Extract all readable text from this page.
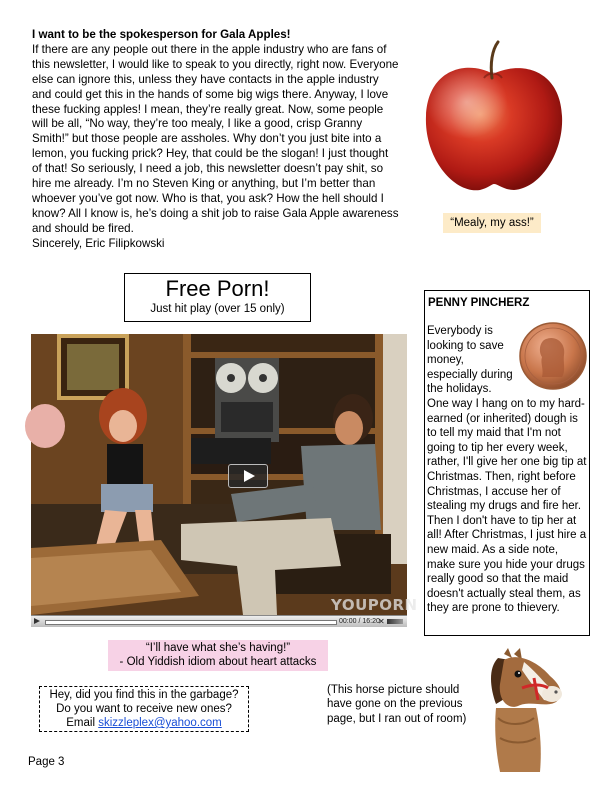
I want to be the spokesperson for Gala Apples!
If there are any people out there in the apple industry who are fans of this newsletter, I would like to speak to you directly, right now. Everyone else can ignore this, unless they have contacts in the apple industry and could get this in the hands of some big wigs there. Anyway, I love these fucking apples! I mean, they’re really great. Now, some people will be all, “No way, they’re too mealy, I like a good, crisp Granny Smith!” but those people are assholes. Why don’t you just bite into a lemon, you fucking prick? Hey, that could be the slogan! I just thought of that! So seriously, I need a job, this newsletter doesn’t pay shit, so hire me already. I’m no Steven King or anything, but I’m better than whoever you’ve got now. Who is that, you ask? How the hell should I know? All I know is, he’s doing a shit job to raise Gala Apple awareness and should be fired.
Sincerely, Eric Filipkowski
“Mealy, my ass!”
Free Porn!
Just hit play (over 15 only)
YOUPORN
00:00 / 16:20
✕
“I’ll have what she’s having!”
- Old Yiddish idiom about heart attacks
PENNY PINCHERZ
Everybody is looking to save money, especially during the holidays. One way I hang on to my hard-earned (or inherited) dough is to tell my maid that I'm not going to tip her every week, rather, I'll give her one big tip at Christmas. Then, right before Christmas, I accuse her of stealing my drugs and fire her. Then I don't have to tip her at all! After Christmas, I just hire a new maid. As a side note, make sure you hide your drugs really good so that the maid doesn't actually steal them, as they are prone to thievery.
Hey, did you find this in the garbage?
Do you want to receive new ones?
Email skizzleplex@yahoo.com
(This horse picture should have gone on the previous page, but I ran out of room)
Page 3
